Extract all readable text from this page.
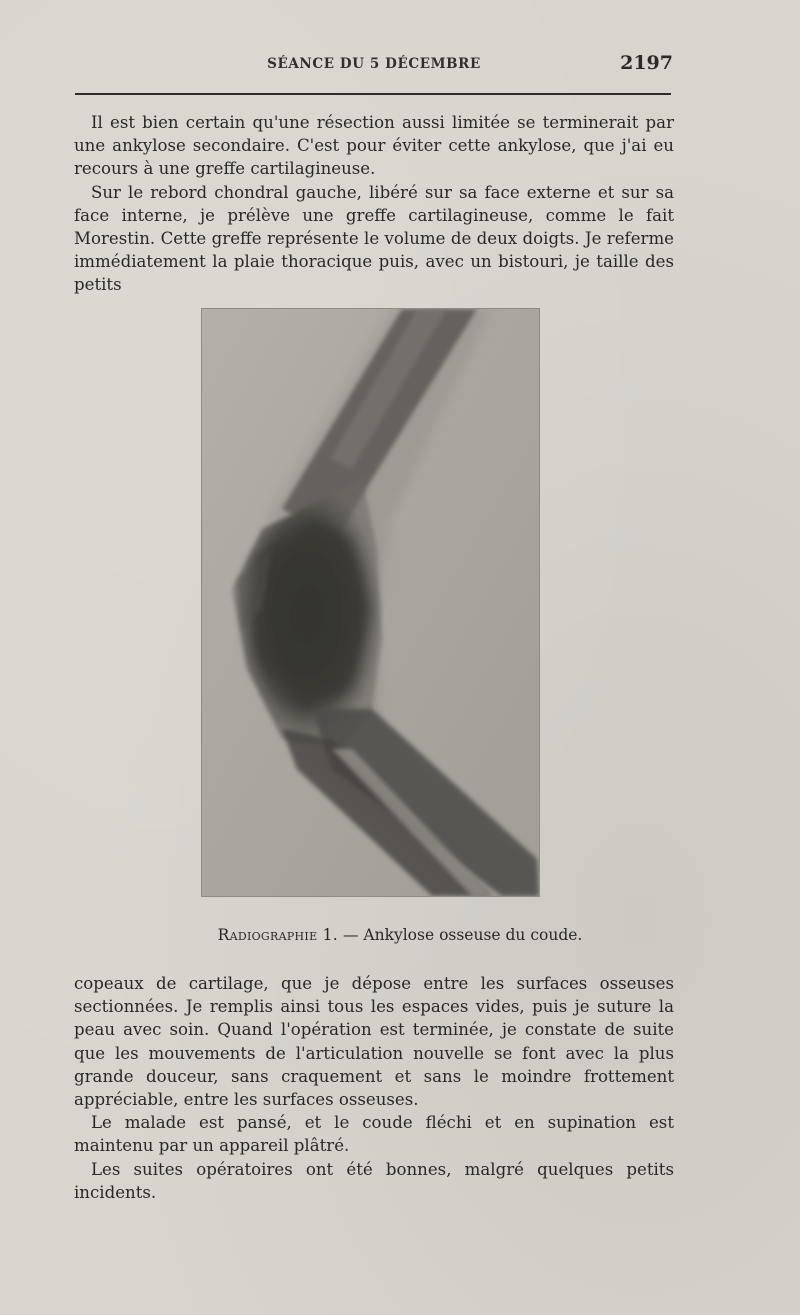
SÉANCE DU 5 DÉCEMBRE	2197

Il est bien certain qu'une résection aussi limitée se terminerait par une ankylose secondaire. C'est pour éviter cette ankylose, que j'ai eu recours à une greffe cartilagineuse.

Sur le rebord chondral gauche, libéré sur sa face externe et sur sa face interne, je prélève une greffe cartilagineuse, comme le fait Morestin. Cette greffe représente le volume de deux doigts. Je referme immédiatement la plaie thoracique puis, avec un bistouri, je taille des petits

Radiographie 1. — Ankylose osseuse du coude.

copeaux de cartilage, que je dépose entre les surfaces osseuses sectionnées. Je remplis ainsi tous les espaces vides, puis je suture la peau avec soin. Quand l'opération est terminée, je constate de suite que les mouvements de l'articulation nouvelle se font avec la plus grande douceur, sans craquement et sans le moindre frottement appréciable, entre les surfaces osseuses.

Le malade est pansé, et le coude fléchi et en supination est maintenu par un appareil plâtré.

Les suites opératoires ont été bonnes, malgré quelques petits incidents.
